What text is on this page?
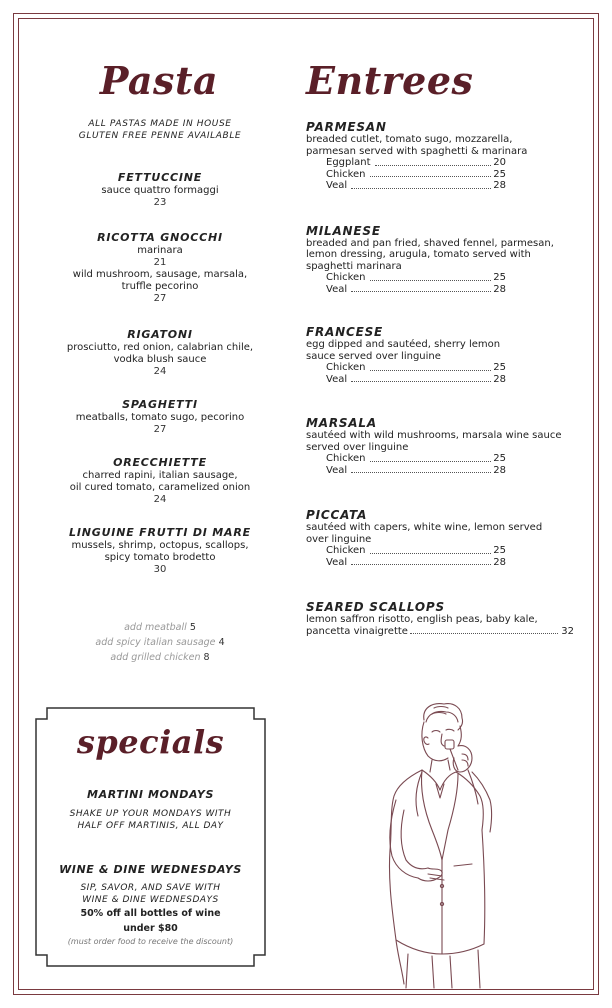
Pasta
ALL PASTAS MADE IN HOUSE
GLUTEN FREE PENNE AVAILABLE
FETTUCCINE
sauce quattro formaggi
23
RICOTTA GNOCCHI
marinara
21
wild mushroom, sausage, marsala,
truffle pecorino
27
RIGATONI
prosciutto, red onion, calabrian chile,
vodka blush sauce
24
SPAGHETTI
meatballs, tomato sugo, pecorino
27
ORECCHIETTE
charred rapini, italian sausage,
oil cured tomato, caramelized onion
24
LINGUINE FRUTTI DI MARE
mussels, shrimp, octopus, scallops,
spicy tomato brodetto
30
add meatball 5
add spicy italian sausage 4
add grilled chicken 8
Entrees
PARMESAN
breaded cutlet, tomato sugo, mozzarella,
parmesan served with spaghetti & marinara
Eggplant	20
Chicken	25
Veal	28
MILANESE
breaded and pan fried, shaved fennel, parmesan,
lemon dressing, arugula, tomato served with
spaghetti marinara
Chicken	25
Veal	28
FRANCESE
egg dipped and sautéed, sherry lemon
sauce served over linguine
Chicken	25
Veal	28
MARSALA
sautéed with wild mushrooms, marsala wine sauce
served over linguine
Chicken	25
Veal	28
PICCATA
sautéed with capers, white wine, lemon served
over linguine
Chicken	25
Veal	28
SEARED SCALLOPS
lemon saffron risotto, english peas, baby kale,
pancetta vinaigrette	32
specials
MARTINI MONDAYS
SHAKE UP YOUR MONDAYS WITH
HALF OFF MARTINIS, ALL DAY
WINE & DINE WEDNESDAYS
SIP, SAVOR, AND SAVE WITH
WINE & DINE WEDNESDAYS
50% off all bottles of wine
under $80
(must order food to receive the discount)
